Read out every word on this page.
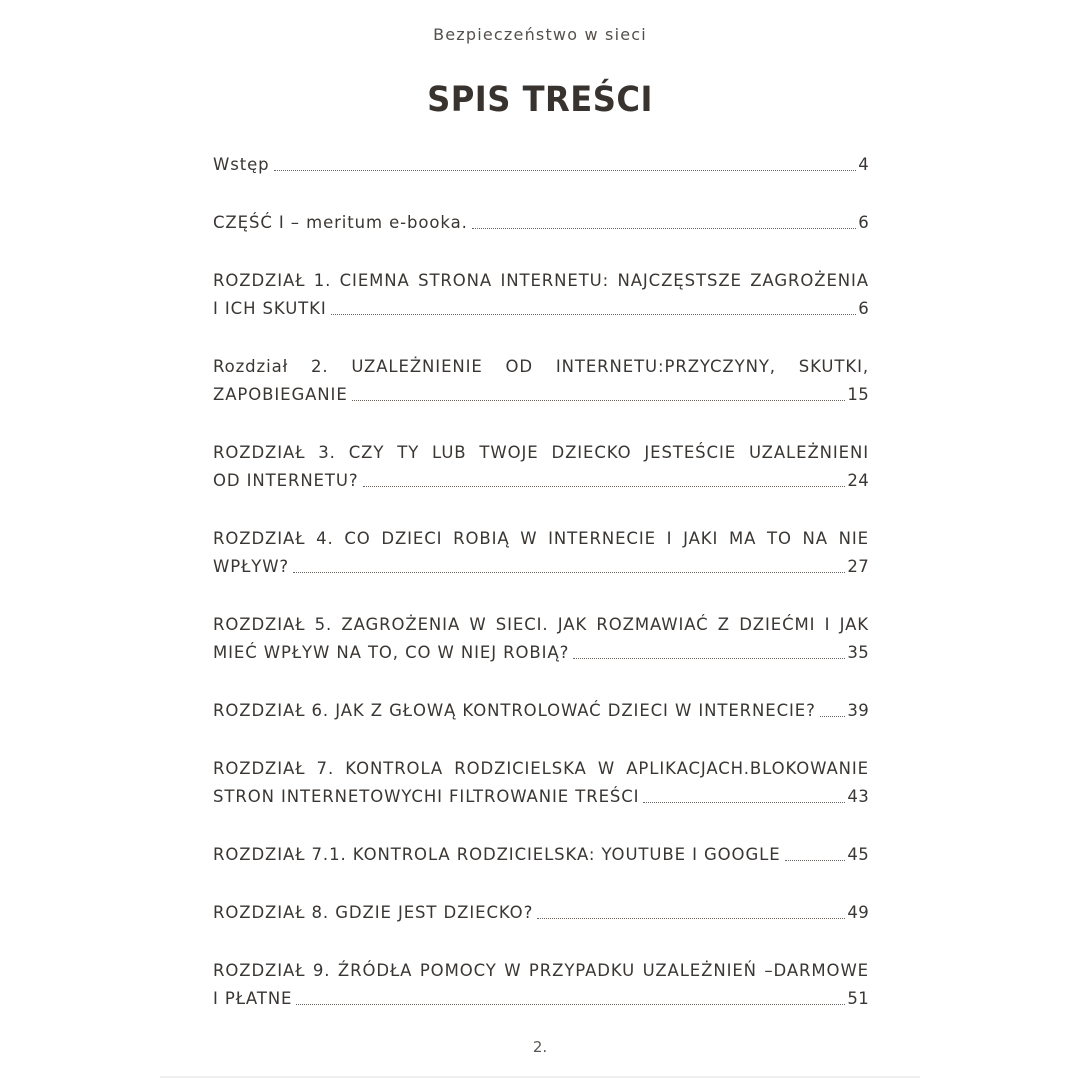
Bezpieczeństwo w sieci
SPIS TREŚCI
Wstęp	4
CZĘŚĆ I – meritum e-booka.	6
ROZDZIAŁ 1. CIEMNA STRONA INTERNETU: NAJCZĘSTSZE ZAGROŻENIA
I ICH SKUTKI	6
Rozdział 2. UZALEŻNIENIE OD INTERNETU:PRZYCZYNY, SKUTKI,
ZAPOBIEGANIE	15
ROZDZIAŁ 3. CZY TY LUB TWOJE DZIECKO JESTEŚCIE UZALEŻNIENI
OD INTERNETU?	24
ROZDZIAŁ 4. CO DZIECI ROBIĄ W INTERNECIE I JAKI MA TO NA NIE
WPŁYW?	27
ROZDZIAŁ 5. ZAGROŻENIA W SIECI. JAK ROZMAWIAĆ Z DZIEĆMI I JAK
MIEĆ WPŁYW NA TO, CO W NIEJ ROBIĄ?	35
ROZDZIAŁ 6. JAK Z GŁOWĄ KONTROLOWAĆ DZIECI W INTERNECIE? 39
ROZDZIAŁ 7. KONTROLA RODZICIELSKA W APLIKACJACH.BLOKOWANIE
STRON INTERNETOWYCHI FILTROWANIE TREŚCI	43
ROZDZIAŁ 7.1. KONTROLA RODZICIELSKA: YOUTUBE I GOOGLE	45
ROZDZIAŁ 8. GDZIE JEST DZIECKO?	49
ROZDZIAŁ 9. ŹRÓDŁA POMOCY W PRZYPADKU UZALEŻNIEŃ –DARMOWE
I PŁATNE	51
2.
